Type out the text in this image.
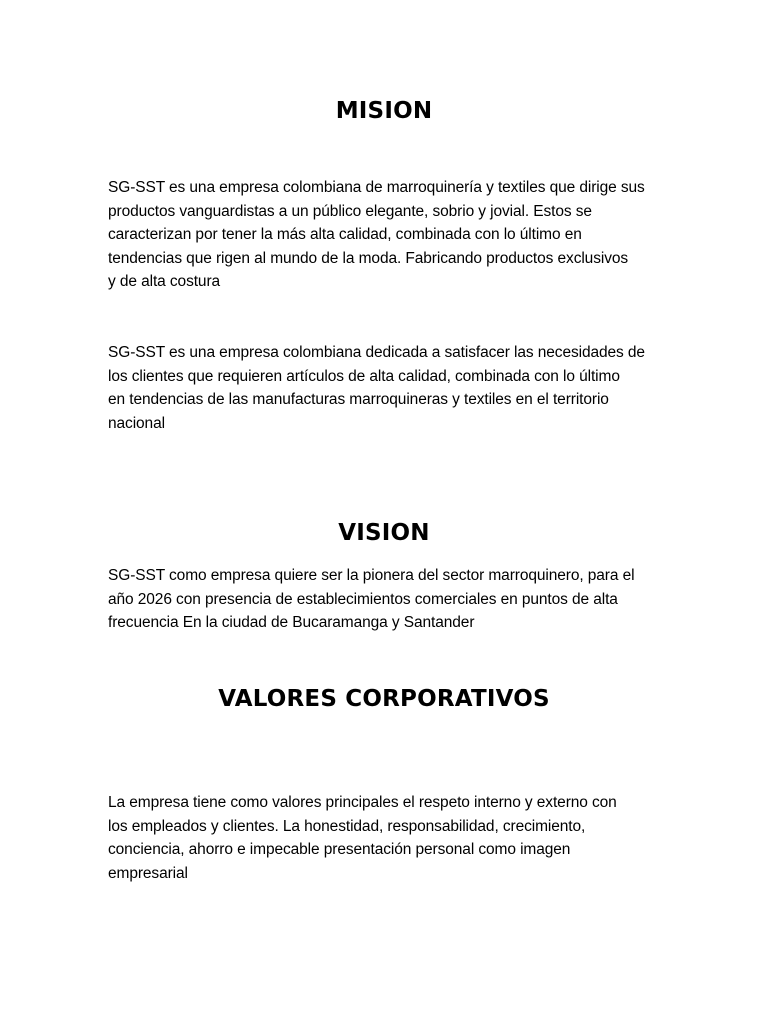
MISION

SG-SST es una empresa colombiana de marroquinería y textiles que dirige sus
productos vanguardistas a un público elegante, sobrio y jovial. Estos se
caracterizan por tener la más alta calidad, combinada con lo último en
tendencias que rigen al mundo de la moda. Fabricando productos exclusivos
y de alta costura

SG-SST es una empresa colombiana dedicada a satisfacer las necesidades de
los clientes que requieren artículos de alta calidad, combinada con lo último
en tendencias de las manufacturas marroquineras y textiles en el territorio
nacional

VISION

SG-SST como empresa quiere ser la pionera del sector marroquinero, para el
año 2026 con presencia de establecimientos comerciales en puntos de alta
frecuencia En la ciudad de Bucaramanga y Santander

VALORES CORPORATIVOS

La empresa tiene como valores principales el respeto interno y externo con
los empleados y clientes. La honestidad, responsabilidad, crecimiento,
conciencia, ahorro e impecable presentación personal como imagen
empresarial
